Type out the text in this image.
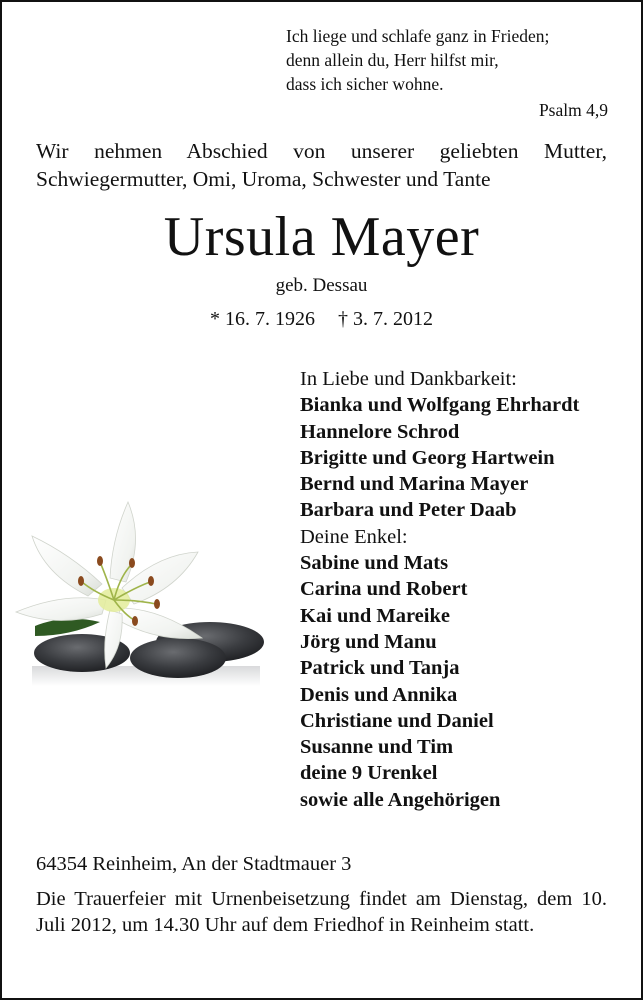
Ich liege und schlafe ganz in Frieden;
denn allein du, Herr hilfst mir,
dass ich sicher wohne.
Psalm 4,9
Wir nehmen Abschied von unserer geliebten Mutter, Schwiegermutter, Omi, Uroma, Schwester und Tante
Ursula Mayer
geb. Dessau
* 16. 7. 1926 † 3. 7. 2012
In Liebe und Dankbarkeit:
Bianka und Wolfgang Ehrhardt
Hannelore Schrod
Brigitte und Georg Hartwein
Bernd und Marina Mayer
Barbara und Peter Daab
Deine Enkel:
Sabine und Mats
Carina und Robert
Kai und Mareike
Jörg und Manu
Patrick und Tanja
Denis und Annika
Christiane und Daniel
Susanne und Tim
deine 9 Urenkel
sowie alle Angehörigen
64354 Reinheim, An der Stadtmauer 3
Die Trauerfeier mit Urnenbeisetzung findet am Dienstag, dem 10. Juli 2012, um 14.30 Uhr auf dem Friedhof in Reinheim statt.
